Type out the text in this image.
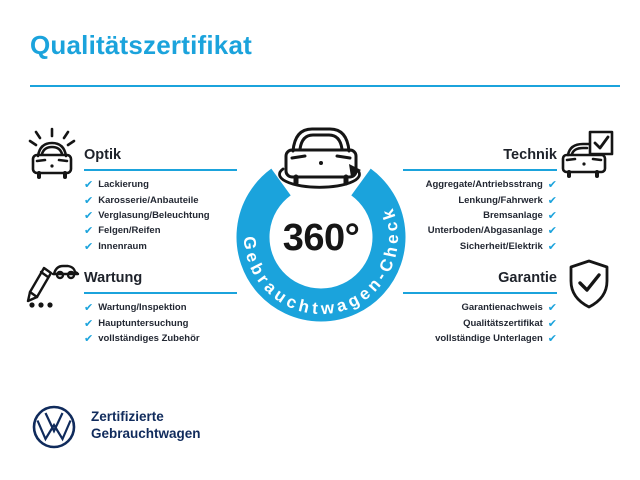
Qualitätszertifikat
Optik
✔ Lackierung
✔ Karosserie/Anbauteile
✔ Verglasung/Beleuchtung
✔ Felgen/Reifen
✔ Innenraum
Technik
✔
Aggregate/Antriebsstrang
✔
Lenkung/Fahrwerk
✔
Bremsanlage
✔
Unterboden/Abgasanlage
✔
Sicherheit/Elektrik
Wartung
✔ Wartung/Inspektion
✔ Hauptuntersuchung
✔ vollständiges Zubehör
Garantie
✔
Garantienachweis
✔
Qualitätszertifikat
✔
vollständige Unterlagen
Gebrauchtwagen-Check
360°
Zertifizierte
Gebrauchtwagen
